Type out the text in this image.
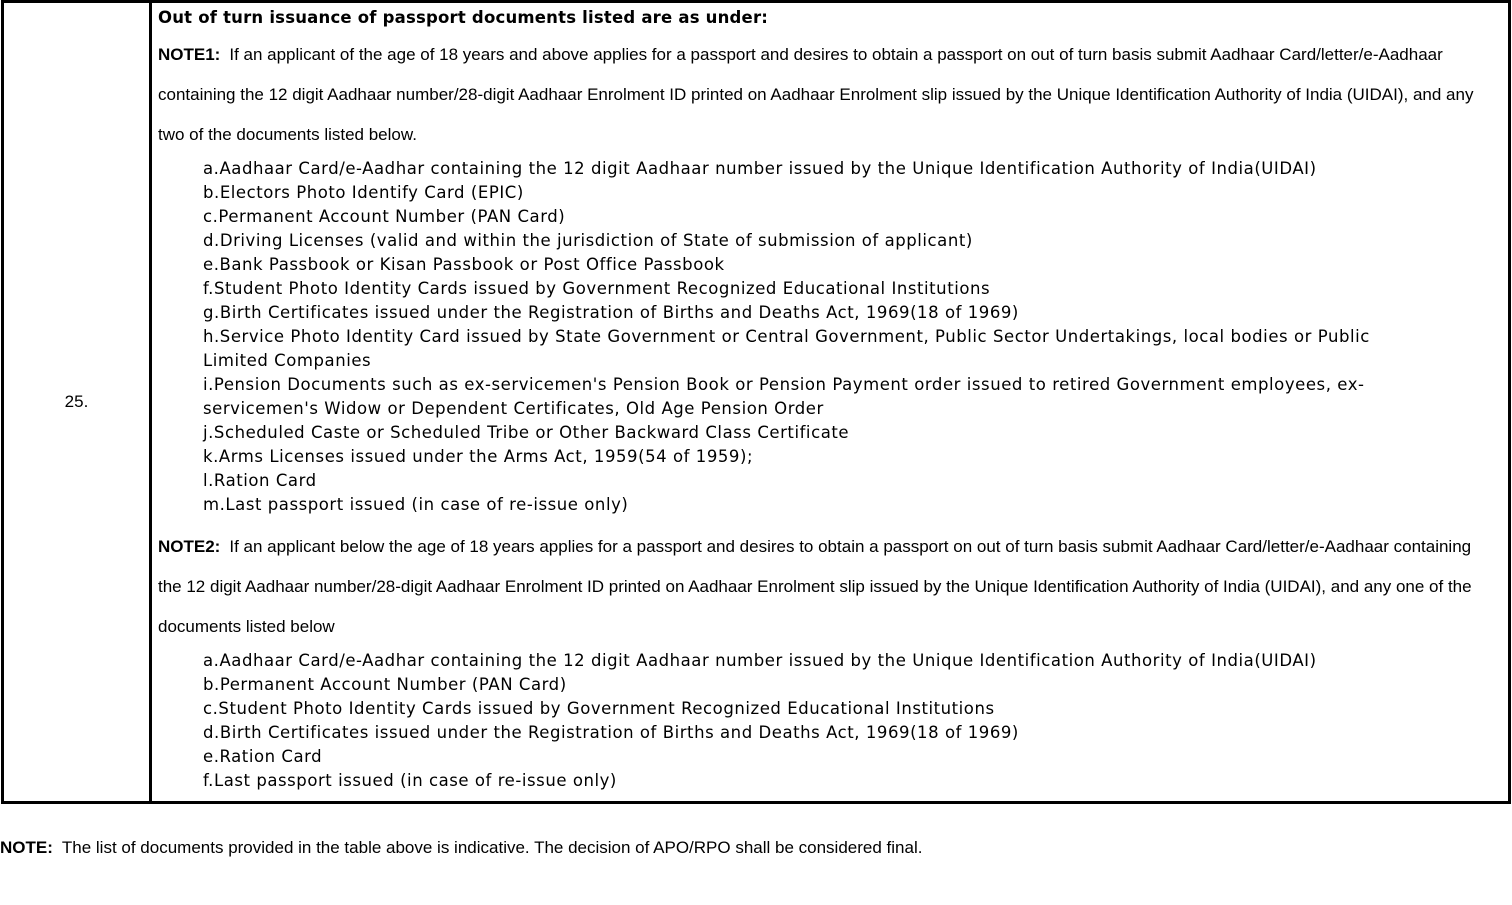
25.
Out of turn issuance of passport documents listed are as under:
NOTE1: If an applicant of the age of 18 years and above applies for a passport and desires to obtain a passport on out of turn basis submit Aadhaar Card/letter/e-Aadhaar containing the 12 digit Aadhaar number/28-digit Aadhaar Enrolment ID printed on Aadhaar Enrolment slip issued by the Unique Identification Authority of India (UIDAI), and any two of the documents listed below.
a.Aadhaar Card/e-Aadhar containing the 12 digit Aadhaar number issued by the Unique Identification Authority of India(UIDAI)
b.Electors Photo Identify Card (EPIC)
c.Permanent Account Number (PAN Card)
d.Driving Licenses (valid and within the jurisdiction of State of submission of applicant)
e.Bank Passbook or Kisan Passbook or Post Office Passbook
f.Student Photo Identity Cards issued by Government Recognized Educational Institutions
g.Birth Certificates issued under the Registration of Births and Deaths Act, 1969(18 of 1969)
h.Service Photo Identity Card issued by State Government or Central Government, Public Sector Undertakings, local bodies or Public Limited Companies
i.Pension Documents such as ex-servicemen's Pension Book or Pension Payment order issued to retired Government employees, ex-servicemen's Widow or Dependent Certificates, Old Age Pension Order
j.Scheduled Caste or Scheduled Tribe or Other Backward Class Certificate
k.Arms Licenses issued under the Arms Act, 1959(54 of 1959);
l.Ration Card
m.Last passport issued (in case of re-issue only)
NOTE2: If an applicant below the age of 18 years applies for a passport and desires to obtain a passport on out of turn basis submit Aadhaar Card/letter/e-Aadhaar containing the 12 digit Aadhaar number/28-digit Aadhaar Enrolment ID printed on Aadhaar Enrolment slip issued by the Unique Identification Authority of India (UIDAI), and any one of the documents listed below
a.Aadhaar Card/e-Aadhar containing the 12 digit Aadhaar number issued by the Unique Identification Authority of India(UIDAI)
b.Permanent Account Number (PAN Card)
c.Student Photo Identity Cards issued by Government Recognized Educational Institutions
d.Birth Certificates issued under the Registration of Births and Deaths Act, 1969(18 of 1969)
e.Ration Card
f.Last passport issued (in case of re-issue only)
NOTE: The list of documents provided in the table above is indicative. The decision of APO/RPO shall be considered final.
